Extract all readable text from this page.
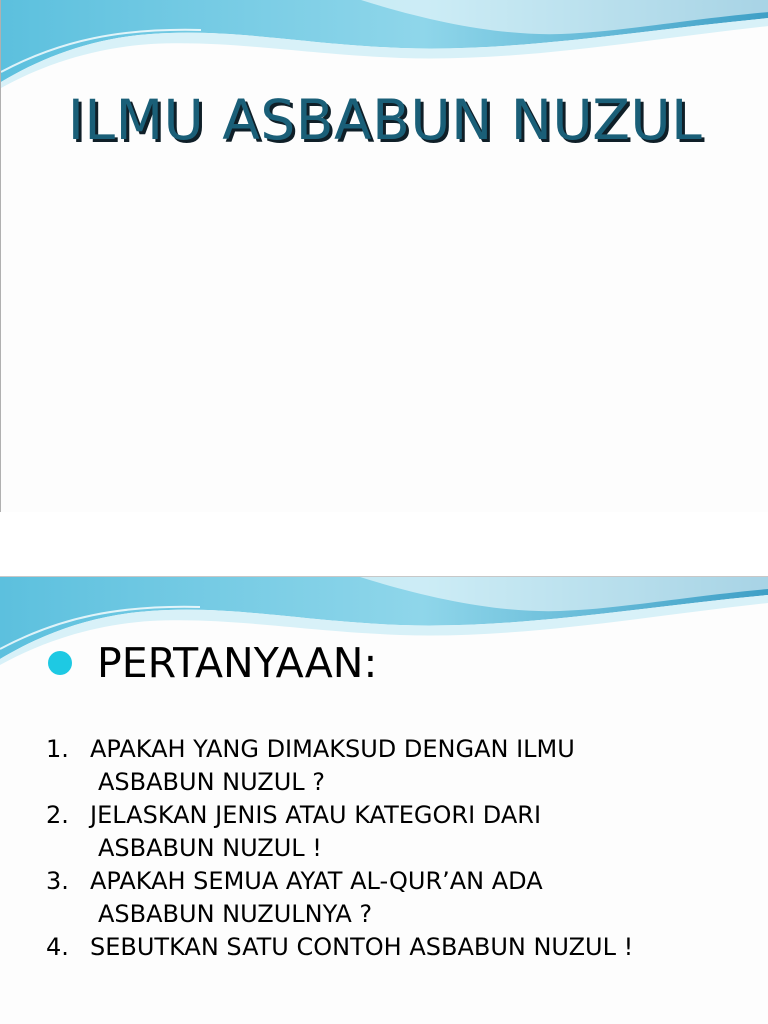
ILMU ASBABUN NUZUL
PERTANYAAN:
1. APAKAH YANG DIMAKSUD DENGAN ILMU
ASBABUN NUZUL ?
2. JELASKAN JENIS ATAU KATEGORI DARI
ASBABUN NUZUL !
3. APAKAH SEMUA AYAT AL-QUR’AN ADA
ASBABUN NUZULNYA ?
4. SEBUTKAN SATU CONTOH ASBABUN NUZUL !
